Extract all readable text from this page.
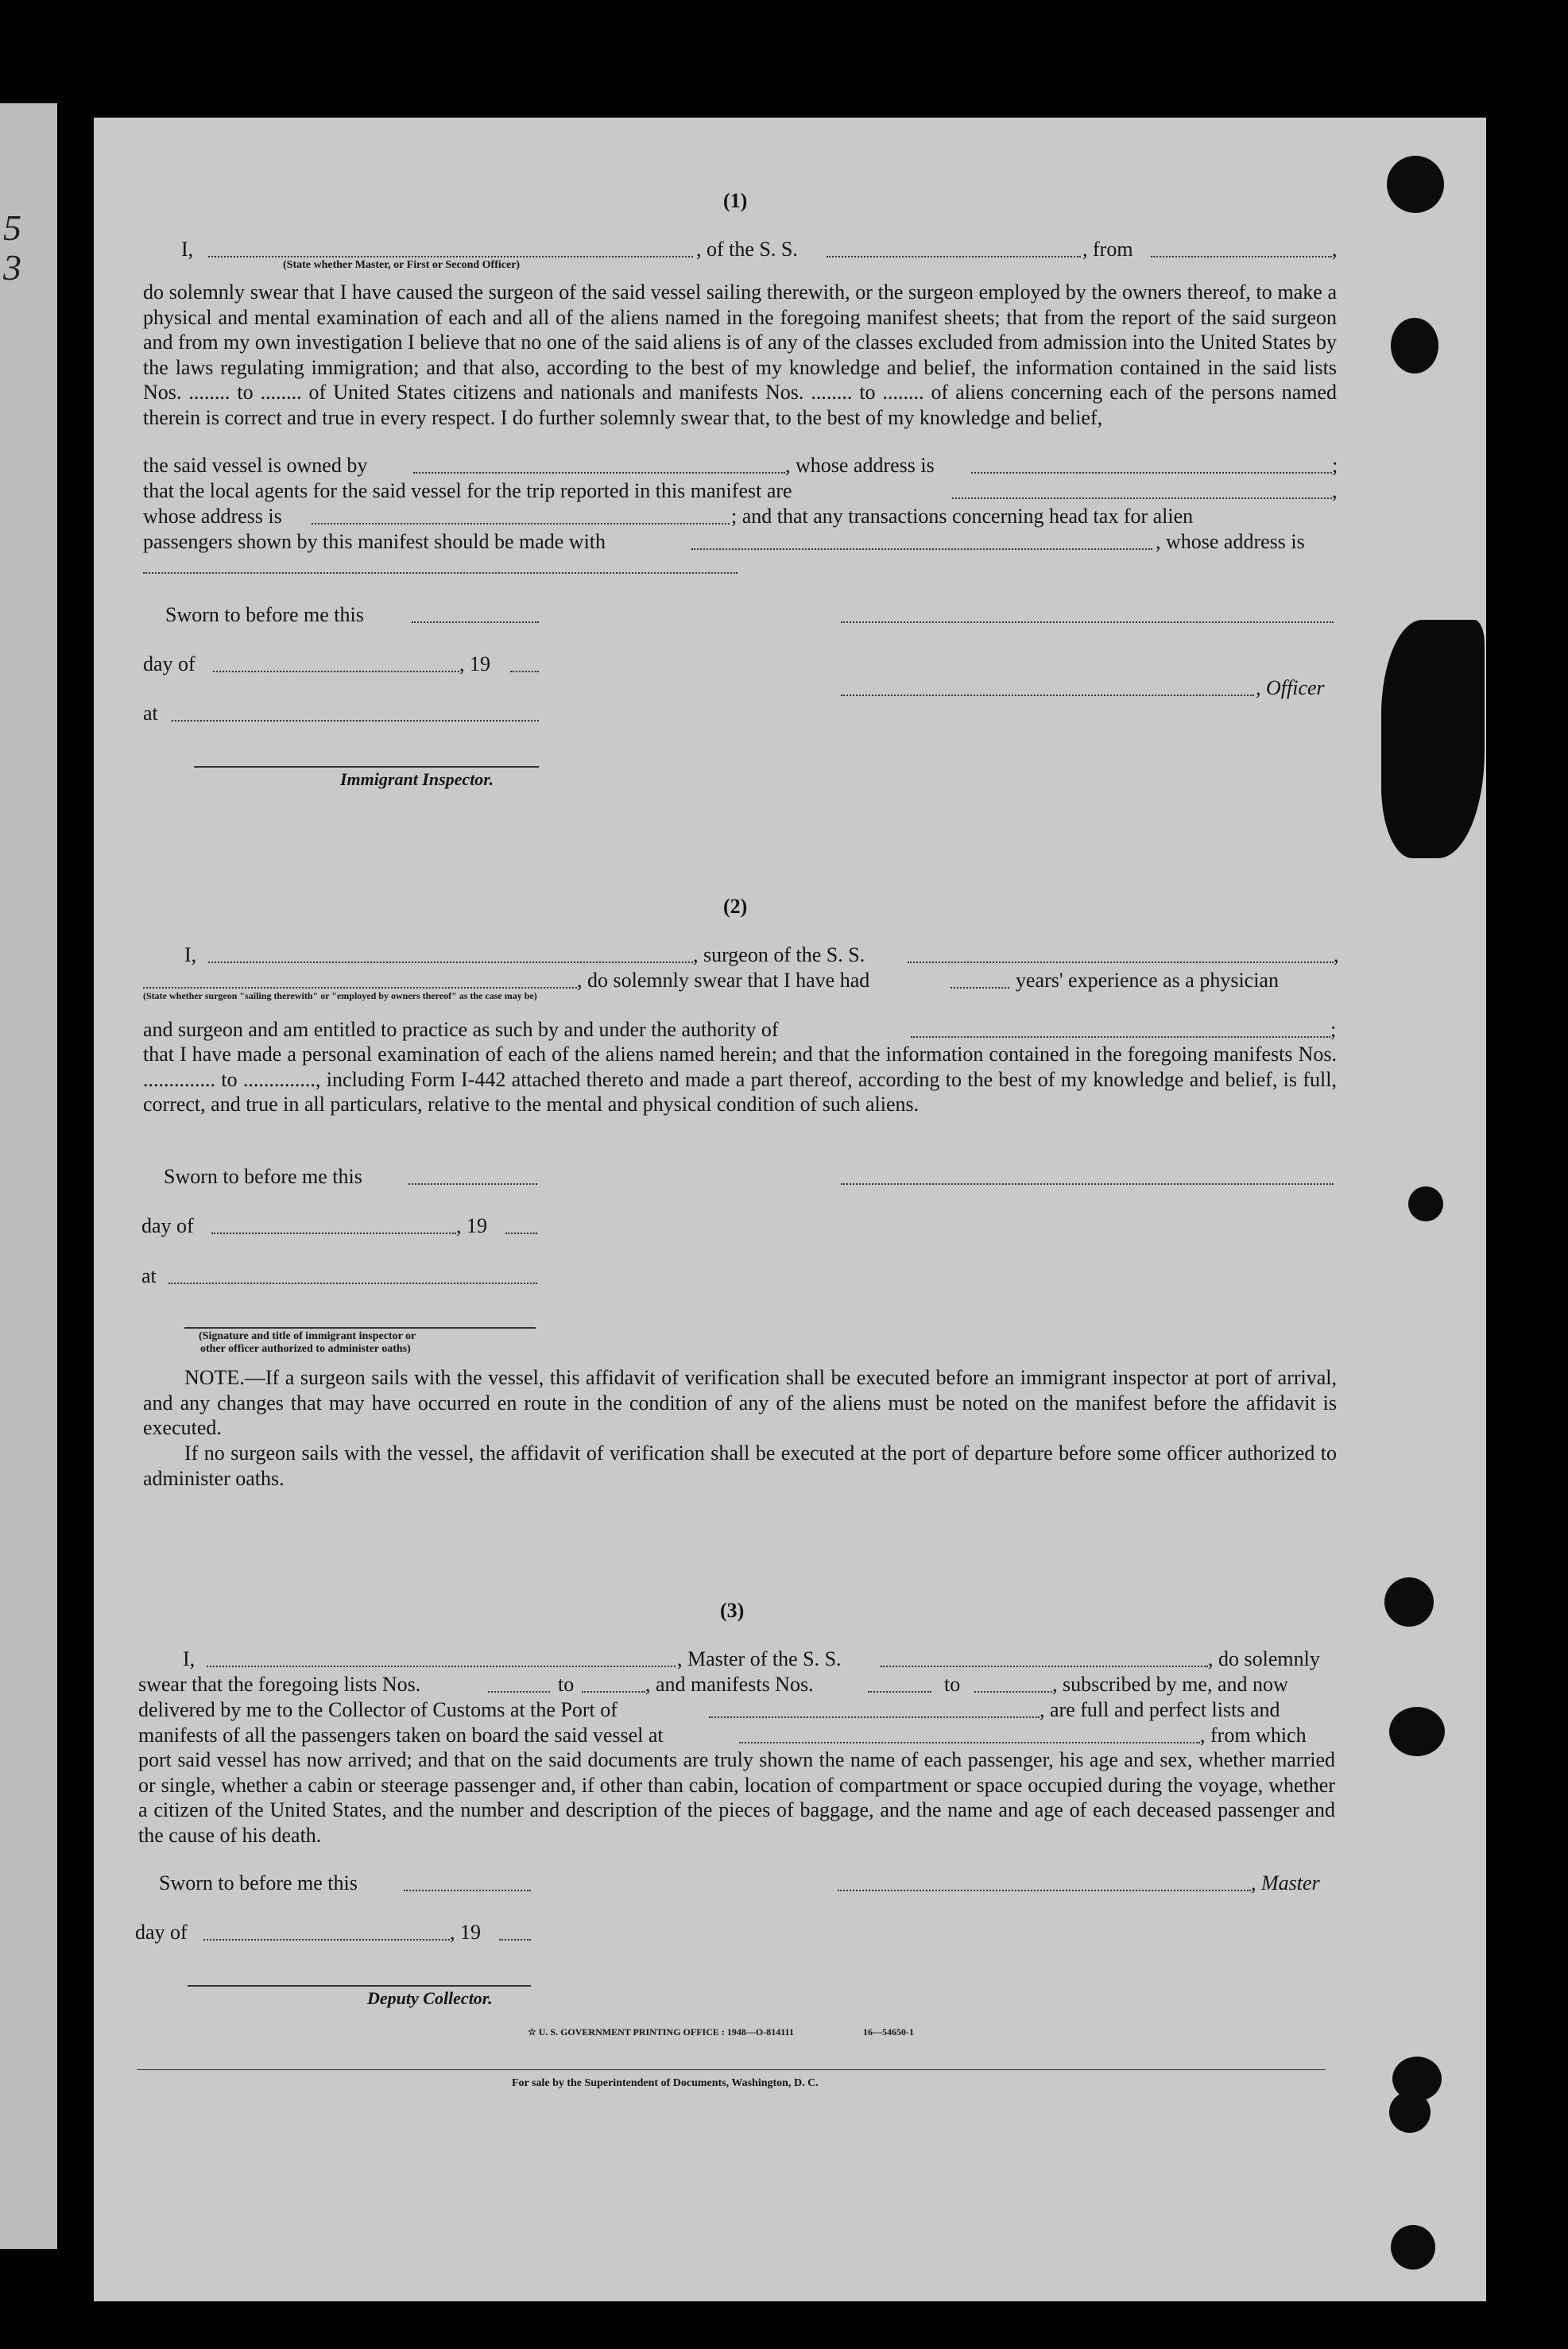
5
3
(1)
I,	, of the S. S.	, from	,
(State whether Master, or First or Second Officer)
do solemnly swear that I have caused the surgeon of the said vessel sailing therewith, or the surgeon employed by the owners thereof, to make a physical and mental examination of each and all of the aliens named in the foregoing manifest sheets; that from the report of the said surgeon and from my own investigation I believe that no one of the said aliens is of any of the classes excluded from admission into the United States by the laws regulating immigration; and that also, according to the best of my knowledge and belief, the information contained in the said lists Nos. ........ to ........ of United States citizens and nationals and manifests Nos. ........ to ........ of aliens concerning each of the persons named therein is correct and true in every respect. I do further solemnly swear that, to the best of my knowledge and belief,
the said vessel is owned by	, whose address is	;
that the local agents for the said vessel for the trip reported in this manifest are	,
whose address is	; and that any transactions concerning head tax for alien
passengers shown by this manifest should be made with	, whose address is
Sworn to before me this
day of	, 19
, Officer
at
Immigrant Inspector.
(2)
I,	, surgeon of the S. S.	,
, do solemnly swear that I have had	years' experience as a physician
(State whether surgeon "sailing therewith" or "employed by owners thereof" as the case may be)
and surgeon and am entitled to practice as such by and under the authority of	;
that I have made a personal examination of each of the aliens named herein; and that the information contained in the foregoing manifests Nos. .............. to .............., including Form I-442 attached thereto and made a part thereof, according to the best of my knowledge and belief, is full, correct, and true in all particulars, relative to the mental and physical condition of such aliens.
Sworn to before me this
day of	, 19
at
(Signature and title of immigrant inspector or
other officer authorized to administer oaths)
NOTE.—If a surgeon sails with the vessel, this affidavit of verification shall be executed before an immigrant inspector at port of arrival, and any changes that may have occurred en route in the condition of any of the aliens must be noted on the manifest before the affidavit is executed.
If no surgeon sails with the vessel, the affidavit of verification shall be executed at the port of departure before some officer authorized to administer oaths.
(3)
I,	, Master of the S. S.	, do solemnly
swear that the foregoing lists Nos.	to	, and manifests Nos.	to	, subscribed by me, and now
delivered by me to the Collector of Customs at the Port of	, are full and perfect lists and
manifests of all the passengers taken on board the said vessel at	, from which
port said vessel has now arrived; and that on the said documents are truly shown the name of each passenger, his age and sex, whether married or single, whether a cabin or steerage passenger and, if other than cabin, location of compartment or space occupied during the voyage, whether a citizen of the United States, and the number and description of the pieces of baggage, and the name and age of each deceased passenger and the cause of his death.
Sworn to before me this	, Master
day of	, 19
Deputy Collector.
☆ U. S. GOVERNMENT PRINTING OFFICE : 1948—O-814111	16—54650-1
For sale by the Superintendent of Documents, Washington, D. C.
